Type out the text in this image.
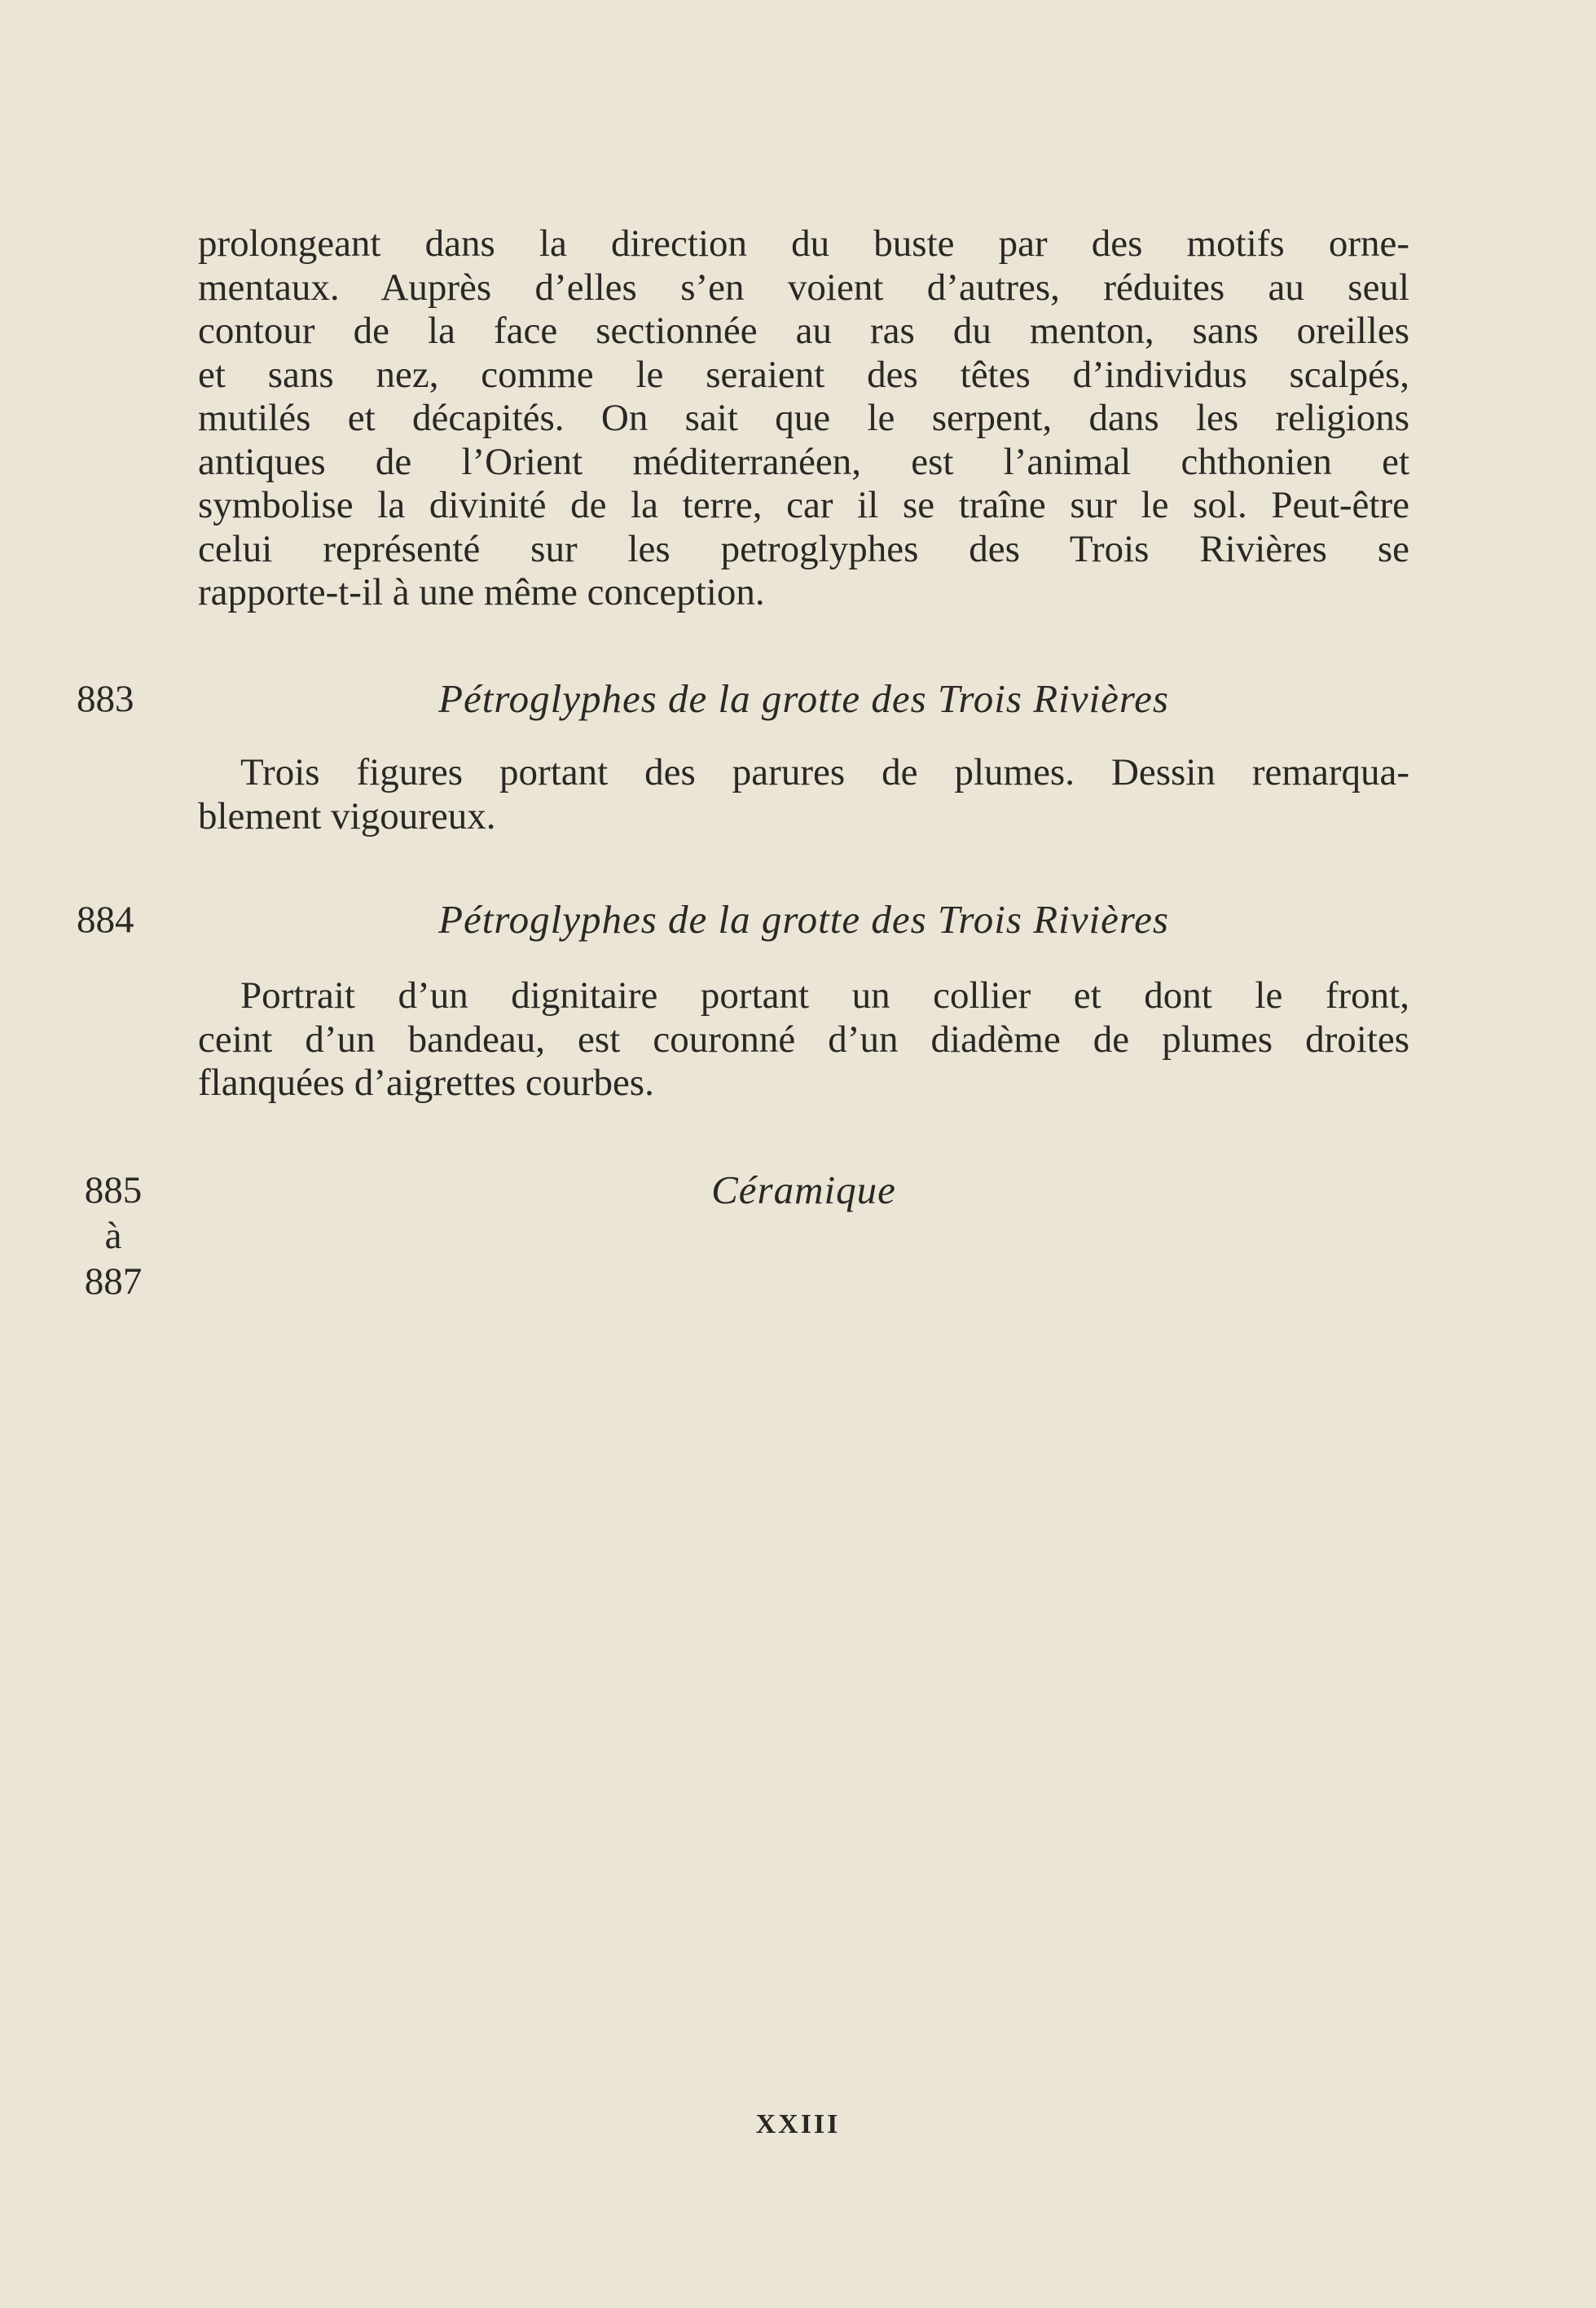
prolongeant dans la direction du buste par des motifs orne-
mentaux. Auprès d’elles s’en voient d’autres, réduites au seul
contour de la face sectionnée au ras du menton, sans oreilles
et sans nez, comme le seraient des têtes d’individus scalpés,
mutilés et décapités. On sait que le serpent, dans les religions
antiques de l’Orient méditerranéen, est l’animal chthonien et
symbolise la divinité de la terre, car il se traîne sur le sol. Peut-être
celui représenté sur les petroglyphes des Trois Rivières se
rapporte-t-il à une même conception.
883	Pétroglyphes de la grotte des Trois Rivières
Trois figures portant des parures de plumes. Dessin remarqua-
blement vigoureux.
884	Pétroglyphes de la grotte des Trois Rivières
Portrait d’un dignitaire portant un collier et dont le front,
ceint d’un bandeau, est couronné d’un diadème de plumes droites
flanquées d’aigrettes courbes.
885
à
887
Céramique
XXIII
